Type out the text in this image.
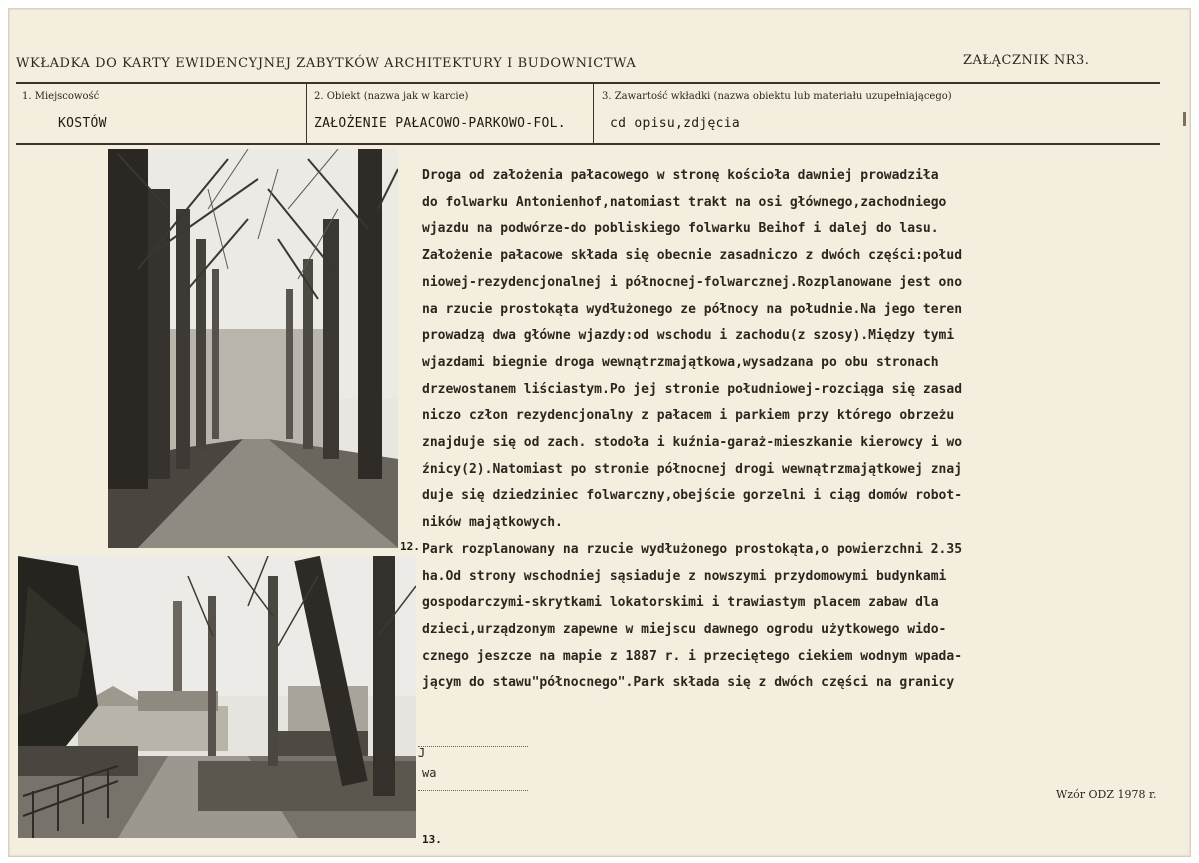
WKŁADKA DO KARTY EWIDENCYJNEJ ZABYTKÓW ARCHITEKTURY I BUDOWNICTWA	ZAŁĄCZNIK NR3.
1. Miejscowość
KOSTÓW
2. Obiekt (nazwa jak w karcie)
ZAŁOŻENIE PAŁACOWO-PARKOWO-FOL.
3. Zawartość wkładki (nazwa obiektu lub materiału uzupełniającego)
cd opisu,zdjęcia
12.
13.
Droga od założenia pałacowego w stronę kościoła dawniej prowadziła
do folwarku Antonienhof,natomiast trakt na osi głównego,zachodniego
wjazdu na podwórze-do pobliskiego folwarku Beihof i dalej do lasu.
Założenie pałacowe składa się obecnie zasadniczo z dwóch części:połud
niowej-rezydencjonalnej i północnej-folwarcznej.Rozplanowane jest ono
na rzucie prostokąta wydłużonego ze północy na południe.Na jego teren
prowadzą dwa główne wjazdy:od wschodu i zachodu(z szosy).Między tymi
wjazdami biegnie droga wewnątrzmajątkowa,wysadzana po obu stronach
drzewostanem liściastym.Po jej stronie południowej-rozciąga się zasad
niczo człon rezydencjonalny z pałacem i parkiem przy którego obrzeżu
znajduje się od zach. stodoła i kuźnia-garaż-mieszkanie kierowcy i wo
źnicy(2).Natomiast po stronie północnej drogi wewnątrzmajątkowej znaj
duje się dziedziniec folwarczny,obejście gorzelni i ciąg domów robot-
ników majątkowych.
Park rozplanowany na rzucie wydłużonego prostokąta,o powierzchni 2.35
ha.Od strony wschodniej sąsiaduje z nowszymi przydomowymi budynkami
gospodarczymi-skrytkami lokatorskimi i trawiastym placem zabaw dla
dzieci,urządzonym zapewne w miejscu dawnego ogrodu użytkowego wido-
cznego jeszcze na mapie z 1887 r. i przeciętego ciekiem wodnym wpada-
jącym do stawu"północnego".Park składa się z dwóch części na granicy
J
wa
Wzór ODZ 1978 r.
